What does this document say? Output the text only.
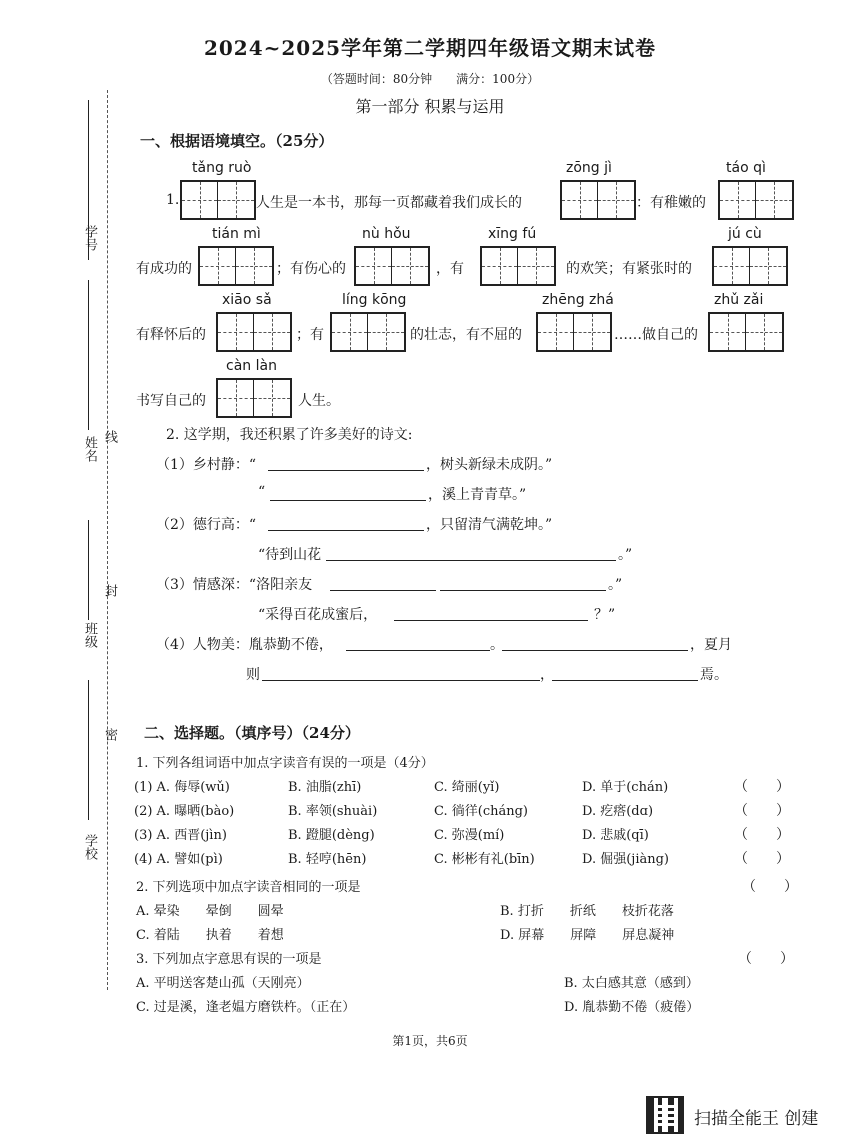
2024~2025学年第二学期四年级语文期末试卷
（答题时间：80分钟　　满分：100分）
第一部分 积累与运用
学号
姓名 线
封
班级
密
学校
一、根据语境填空。（25分）
tǎng ruò	zōng jì	táo qì
1.	人生是一本书，那每一页都藏着我们成长的	：有稚嫩的
tián mì	nù hǒu	xīng fú	jú cù
有成功的	；有伤心的	，有	的欢笑；有紧张时的
xiāo sǎ	líng kōng	zhēng zhá	zhǔ zǎi
有释怀后的	；有	的壮志，有不屈的	……做自己的
càn làn
书写自己的	人生。
2. 这学期，我还积累了许多美好的诗文:
（1）乡村静：“	，树头新绿未成阴。”
“	，溪上青青草。”
（2）德行高：“	，只留清气满乾坤。”
“待到山花	。”
（3）情感深：“洛阳亲友	。”
“采得百花成蜜后，	？”
（4）人物美：胤恭勤不倦，	。	，夏月
则	，	焉。
二、选择题。（填序号）（24分）
1. 下列各组词语中加点字读音有误的一项是（4分）
(1) A. 侮辱(wǔ)	B. 油脂(zhī)	C. 绮丽(yǐ)	D. 单于(chán)	（　　）
(2) A. 曝晒(bào)	B. 率领(shuài)	C. 徜徉(cháng)	D. 疙瘩(dɑ)	（　　）
(3) A. 西晋(jìn)	B. 蹬腿(dèng)	C. 弥漫(mí)	D. 悲戚(qī)	（　　）
(4) A. 譬如(pì)	B. 轻哼(hēn)	C. 彬彬有礼(bīn)	D. 倔强(jiàng)	（　　）
2. 下列选项中加点字读音相同的一项是	（　　）
A. 晕染　　晕倒　　圆晕	B. 打折　　折纸　　枝折花落
C. 着陆　　执着　　着想	D. 屏幕　　屏障　　屏息凝神
3. 下列加点字意思有误的一项是	（　　）
A. 平明送客楚山孤（天刚亮）	B. 太白感其意（感到）
C. 过是溪，逢老媪方磨铁杵。（正在）	D. 胤恭勤不倦（疲倦）
第1页，共6页
扫描全能王 创建
